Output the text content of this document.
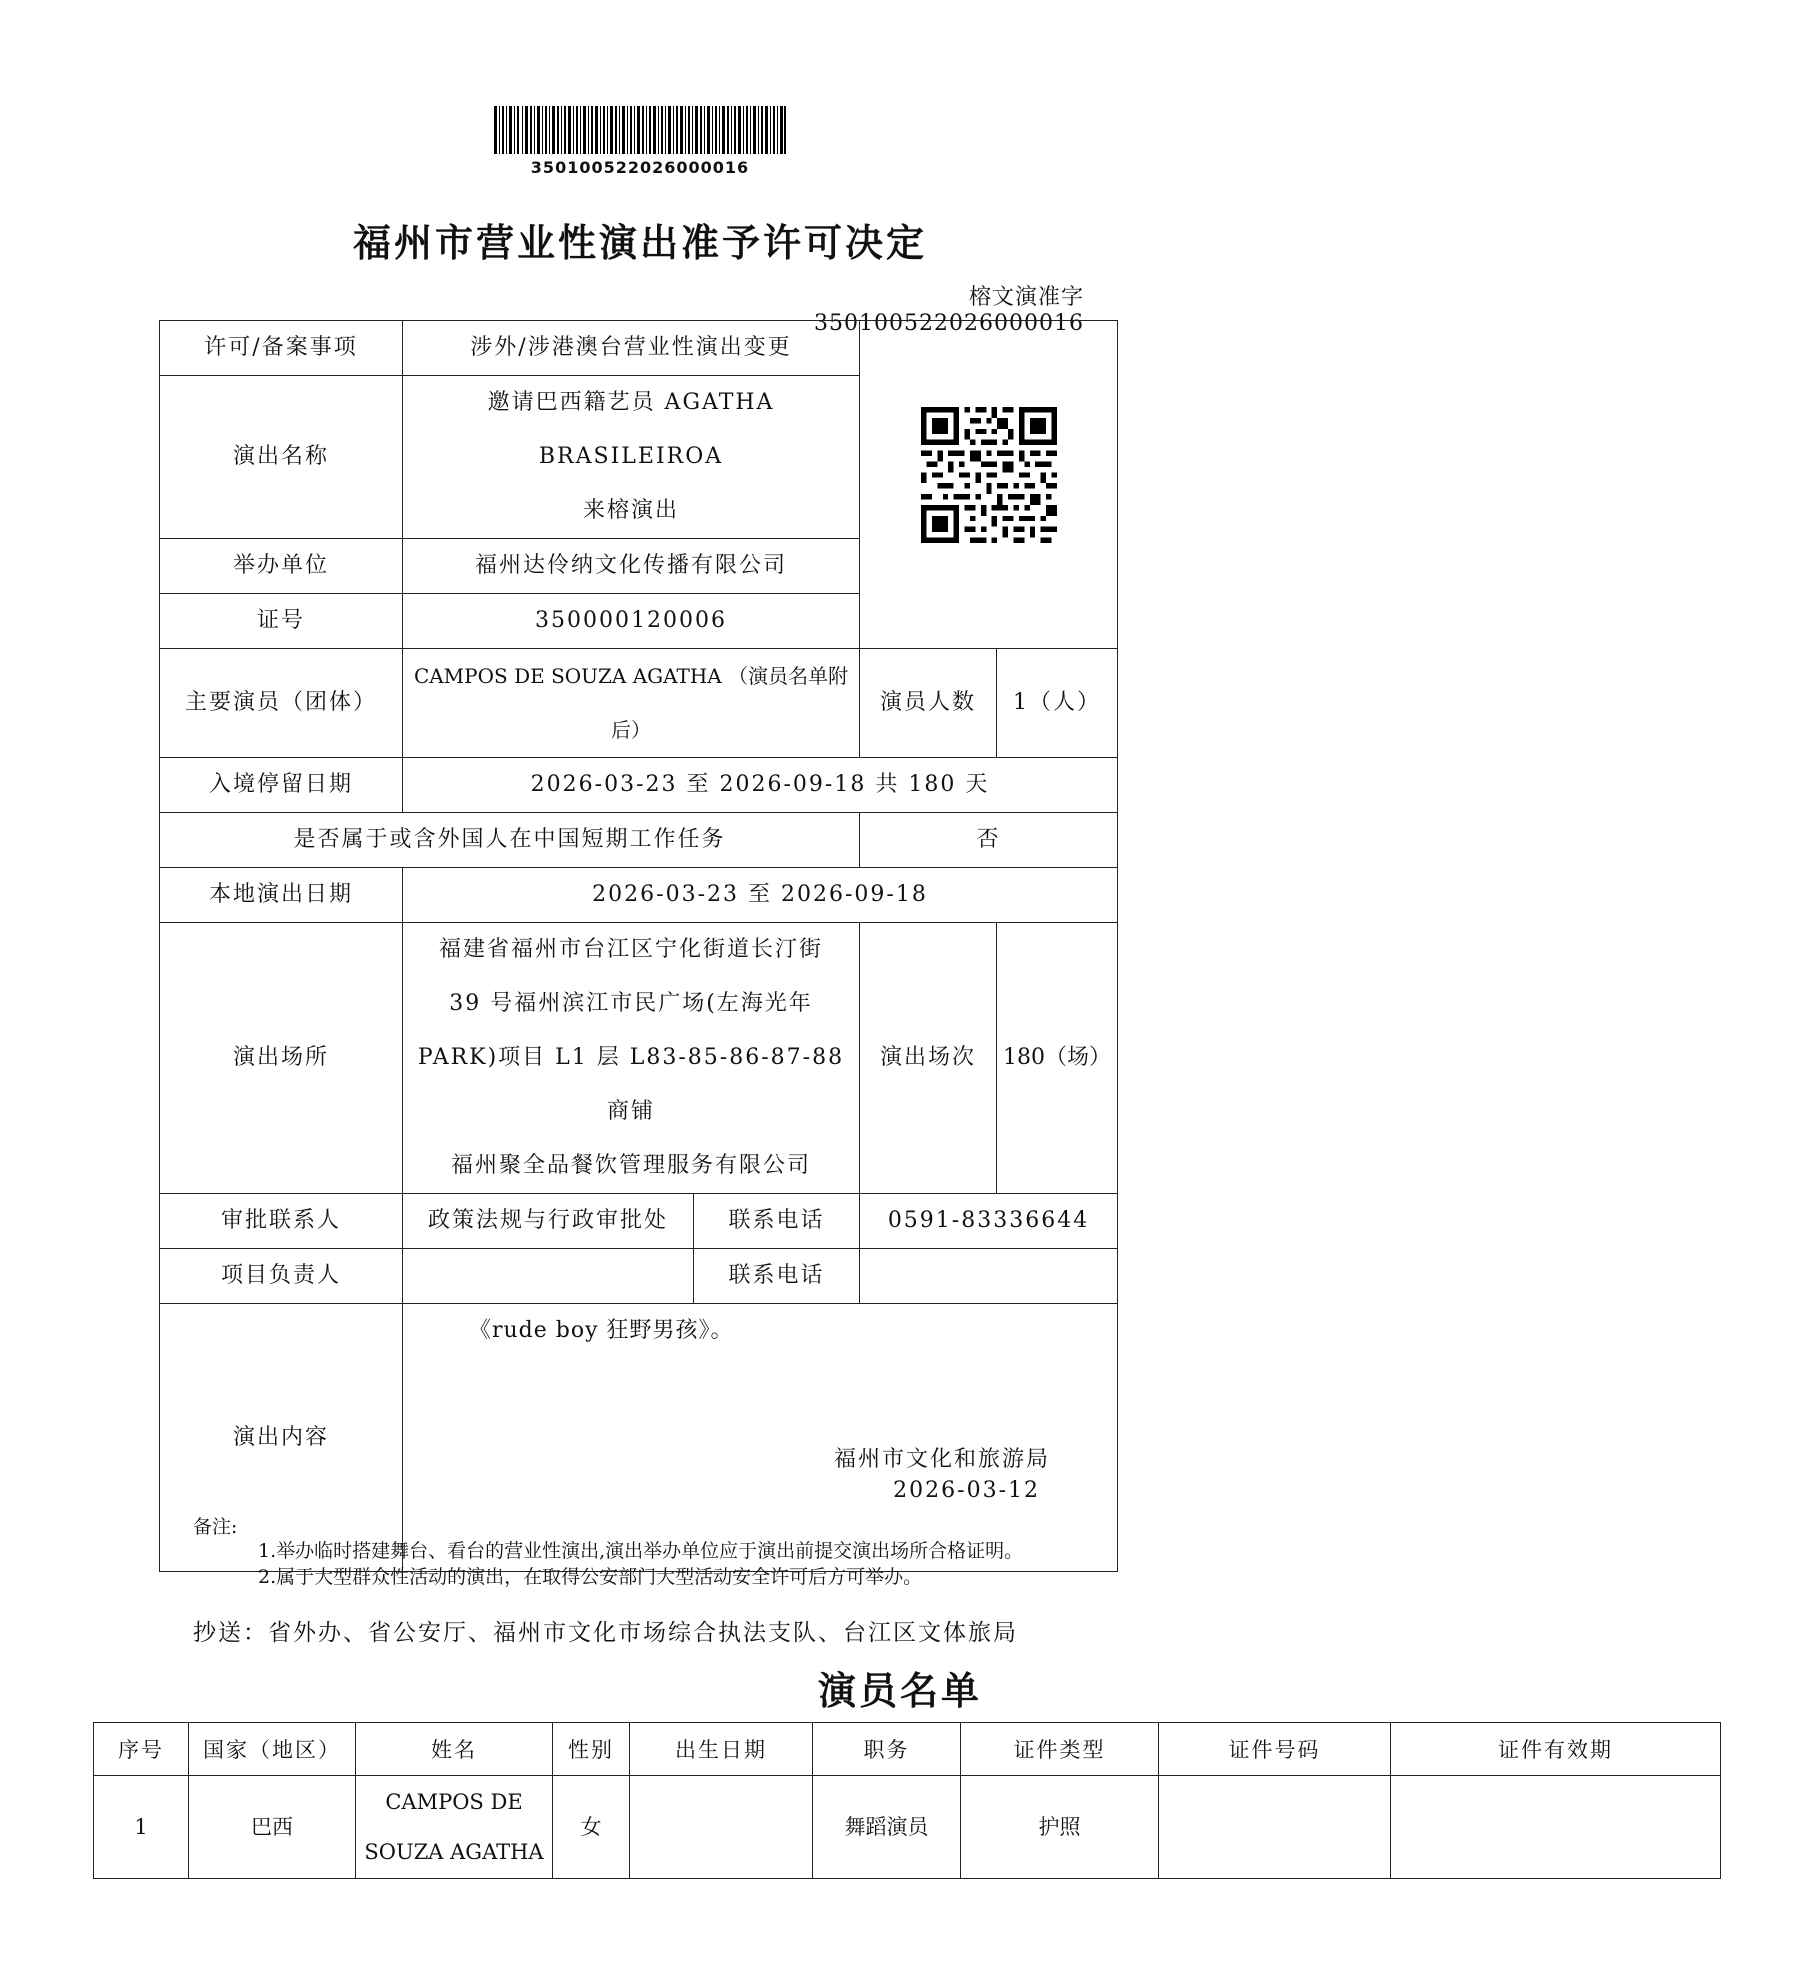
350100522026000016
福州市营业性演出准予许可决定
榕文演准字 350100522026000016
许可/备案事项	涉外/涉港澳台营业性演出变更	

演出名称	邀请巴西籍艺员 AGATHA BRASILEIROA
来榕演出			

举办单位	福州达伶纳文化传播有限公司			
证号	350000120006			
主要演员（团体）	CAMPOS DE SOUZA AGATHA （演员名单附后）		演员人数	1（人）
入境停留日期	2026-03-23 至 2026-09-18 共 180 天			
是否属于或含外国人在中国短期工作任务			否	
本地演出日期	2026-03-23 至 2026-09-18			
演出场所	福建省福州市台江区宁化街道长汀街
39 号福州滨江市民广场(左海光年
PARK)项目 L1 层 L83-85-86-87-88 商铺
福州聚全品餐饮管理服务有限公司		演出场次	180（场）
审批联系人	政策法规与行政审批处	联系电话	0591-83336644	
项目负责人		联系电话		
演出内容	《rude boy 狂野男孩》。			
福州市文化和旅游局
2026-03-12
备注:
1.举办临时搭建舞台、看台的营业性演出,演出举办单位应于演出前提交演出场所合格证明。
2.属于大型群众性活动的演出，在取得公安部门大型活动安全许可后方可举办。
抄送：省外办、省公安厅、福州市文化市场综合执法支队、台江区文体旅局
演员名单
序号	国家（地区）	姓名	性别	出生日期	职务	证件类型	证件号码	证件有效期
1	巴西	CAMPOS DE
SOUZA AGATHA	女		舞蹈演员	护照		
